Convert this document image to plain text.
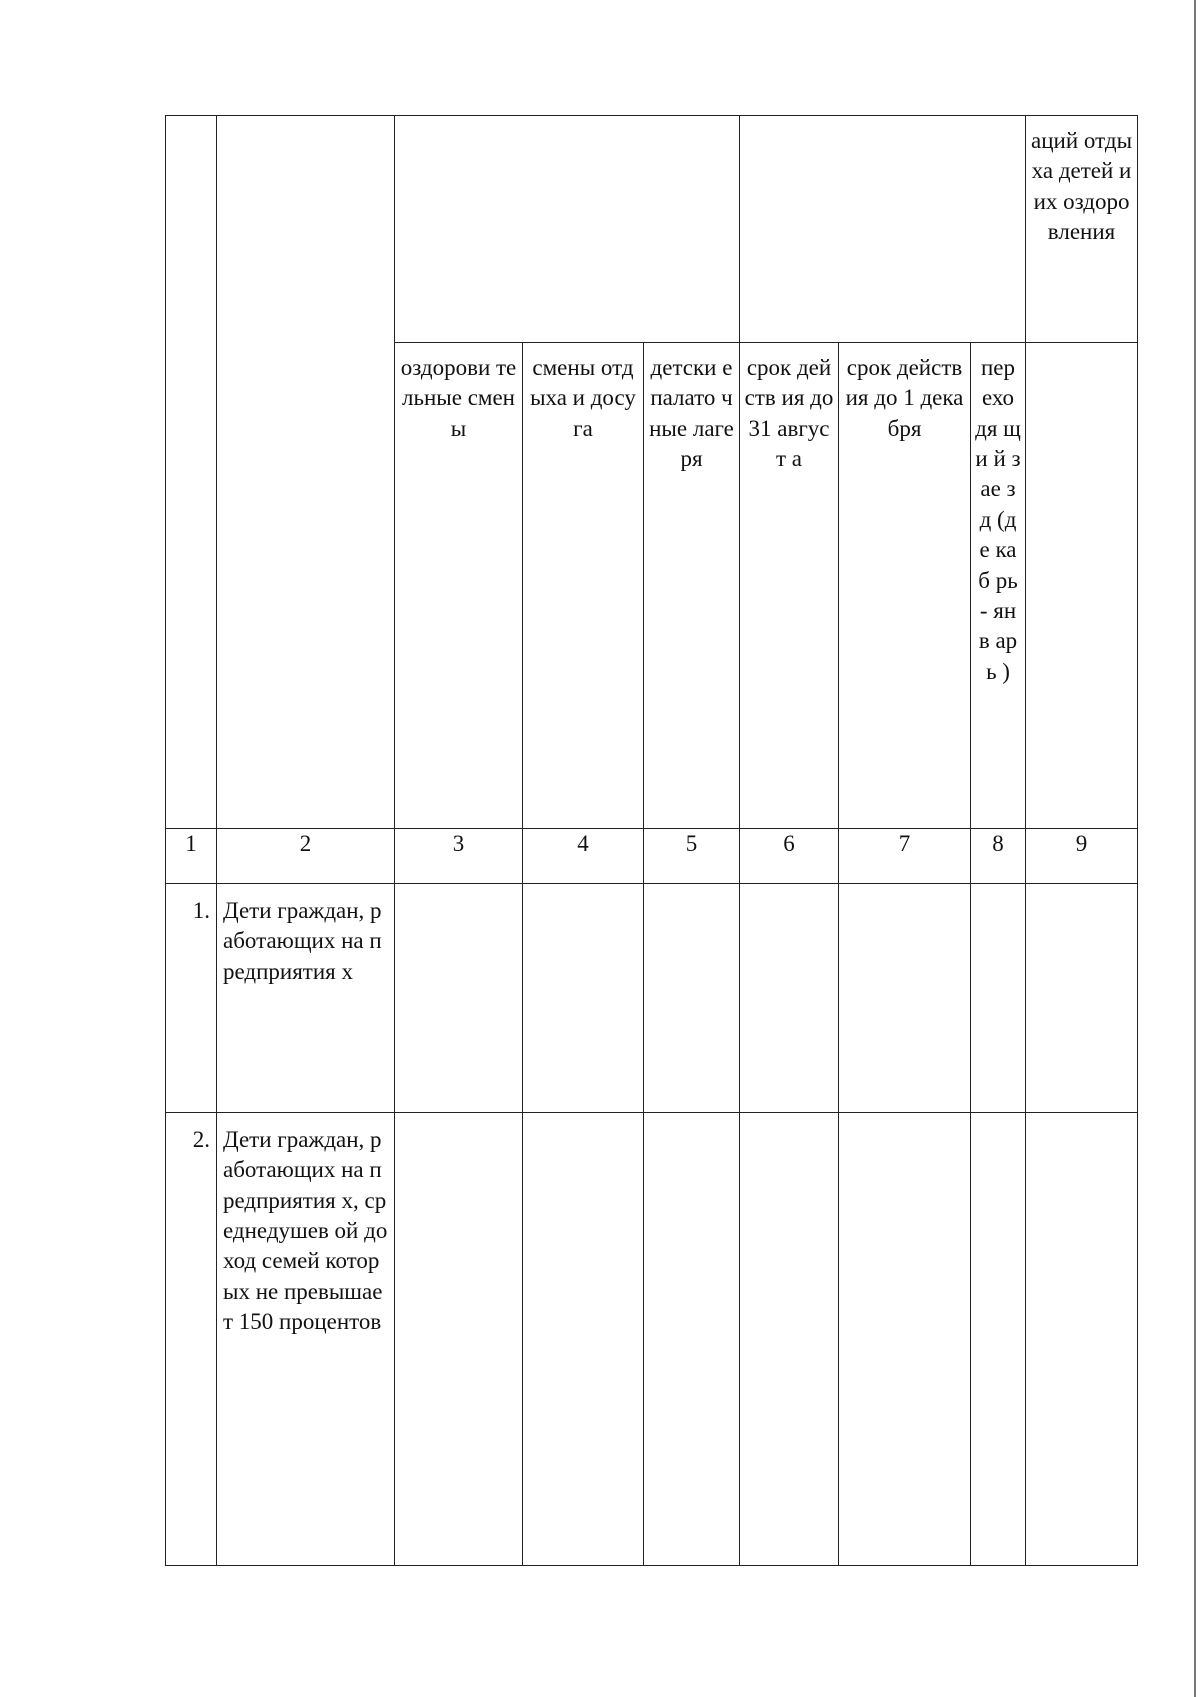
								аций отдыха детей и их оздоровления
		оздорови тельные смены	смены отдыха и досуга	детски е палато чные лагеря	срок действ ия до 31 август а	срок действия до 1 декабря	пер ехо дя щи й зае зд (де каб рь - янв арь )	
1	2	3	4	5	6	7	8	9
1.	Дети граждан, работающих на предприятия х							
2.	Дети граждан, работающих на предприятия х, среднедушев ой доход семей которых не превышает 150 процентов							
